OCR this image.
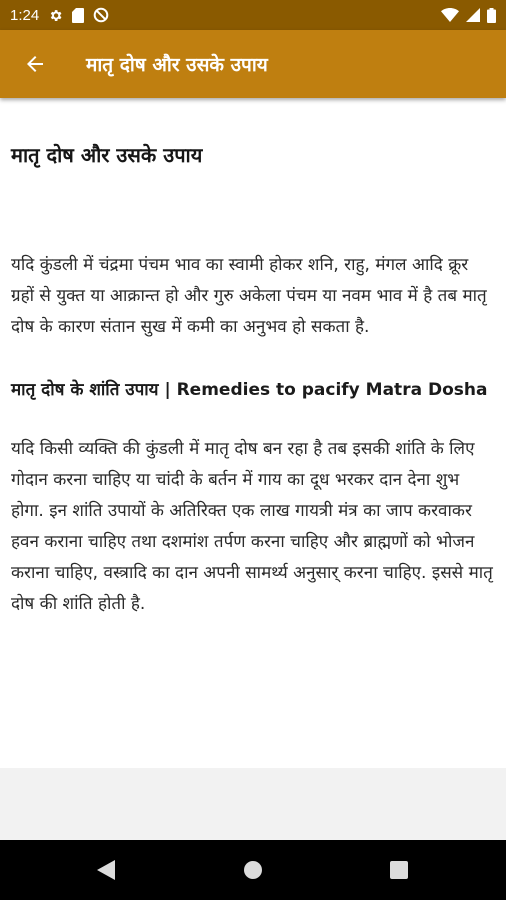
1:24
मातृ दोष और उसके उपाय
मातृ दोष और उसके उपाय

यदि कुंडली में चंद्रमा पंचम भाव का स्वामी होकर शनि, राहु, मंगल आदि क्रूर ग्रहों से युक्त या आक्रान्त हो और गुरु अकेला पंचम या नवम भाव में है तब मातृ दोष के कारण संतान सुख में कमी का अनुभव हो सकता है.

मातृ दोष के शांति उपाय | Remedies to pacify Matra Dosha

यदि किसी व्यक्ति की कुंडली में मातृ दोष बन रहा है तब इसकी शांति के लिए गोदान करना चाहिए या चांदी के बर्तन में गाय का दूध भरकर दान देना शुभ होगा. इन शांति उपायों के अतिरिक्त एक लाख गायत्री मंत्र का जाप करवाकर हवन कराना चाहिए तथा दशमांश तर्पण करना चाहिए और ब्राह्मणों को भोजन कराना चाहिए, वस्त्रादि का दान अपनी सामर्थ्य अनुसार् करना चाहिए. इससे मातृ दोष की शांति होती है.
